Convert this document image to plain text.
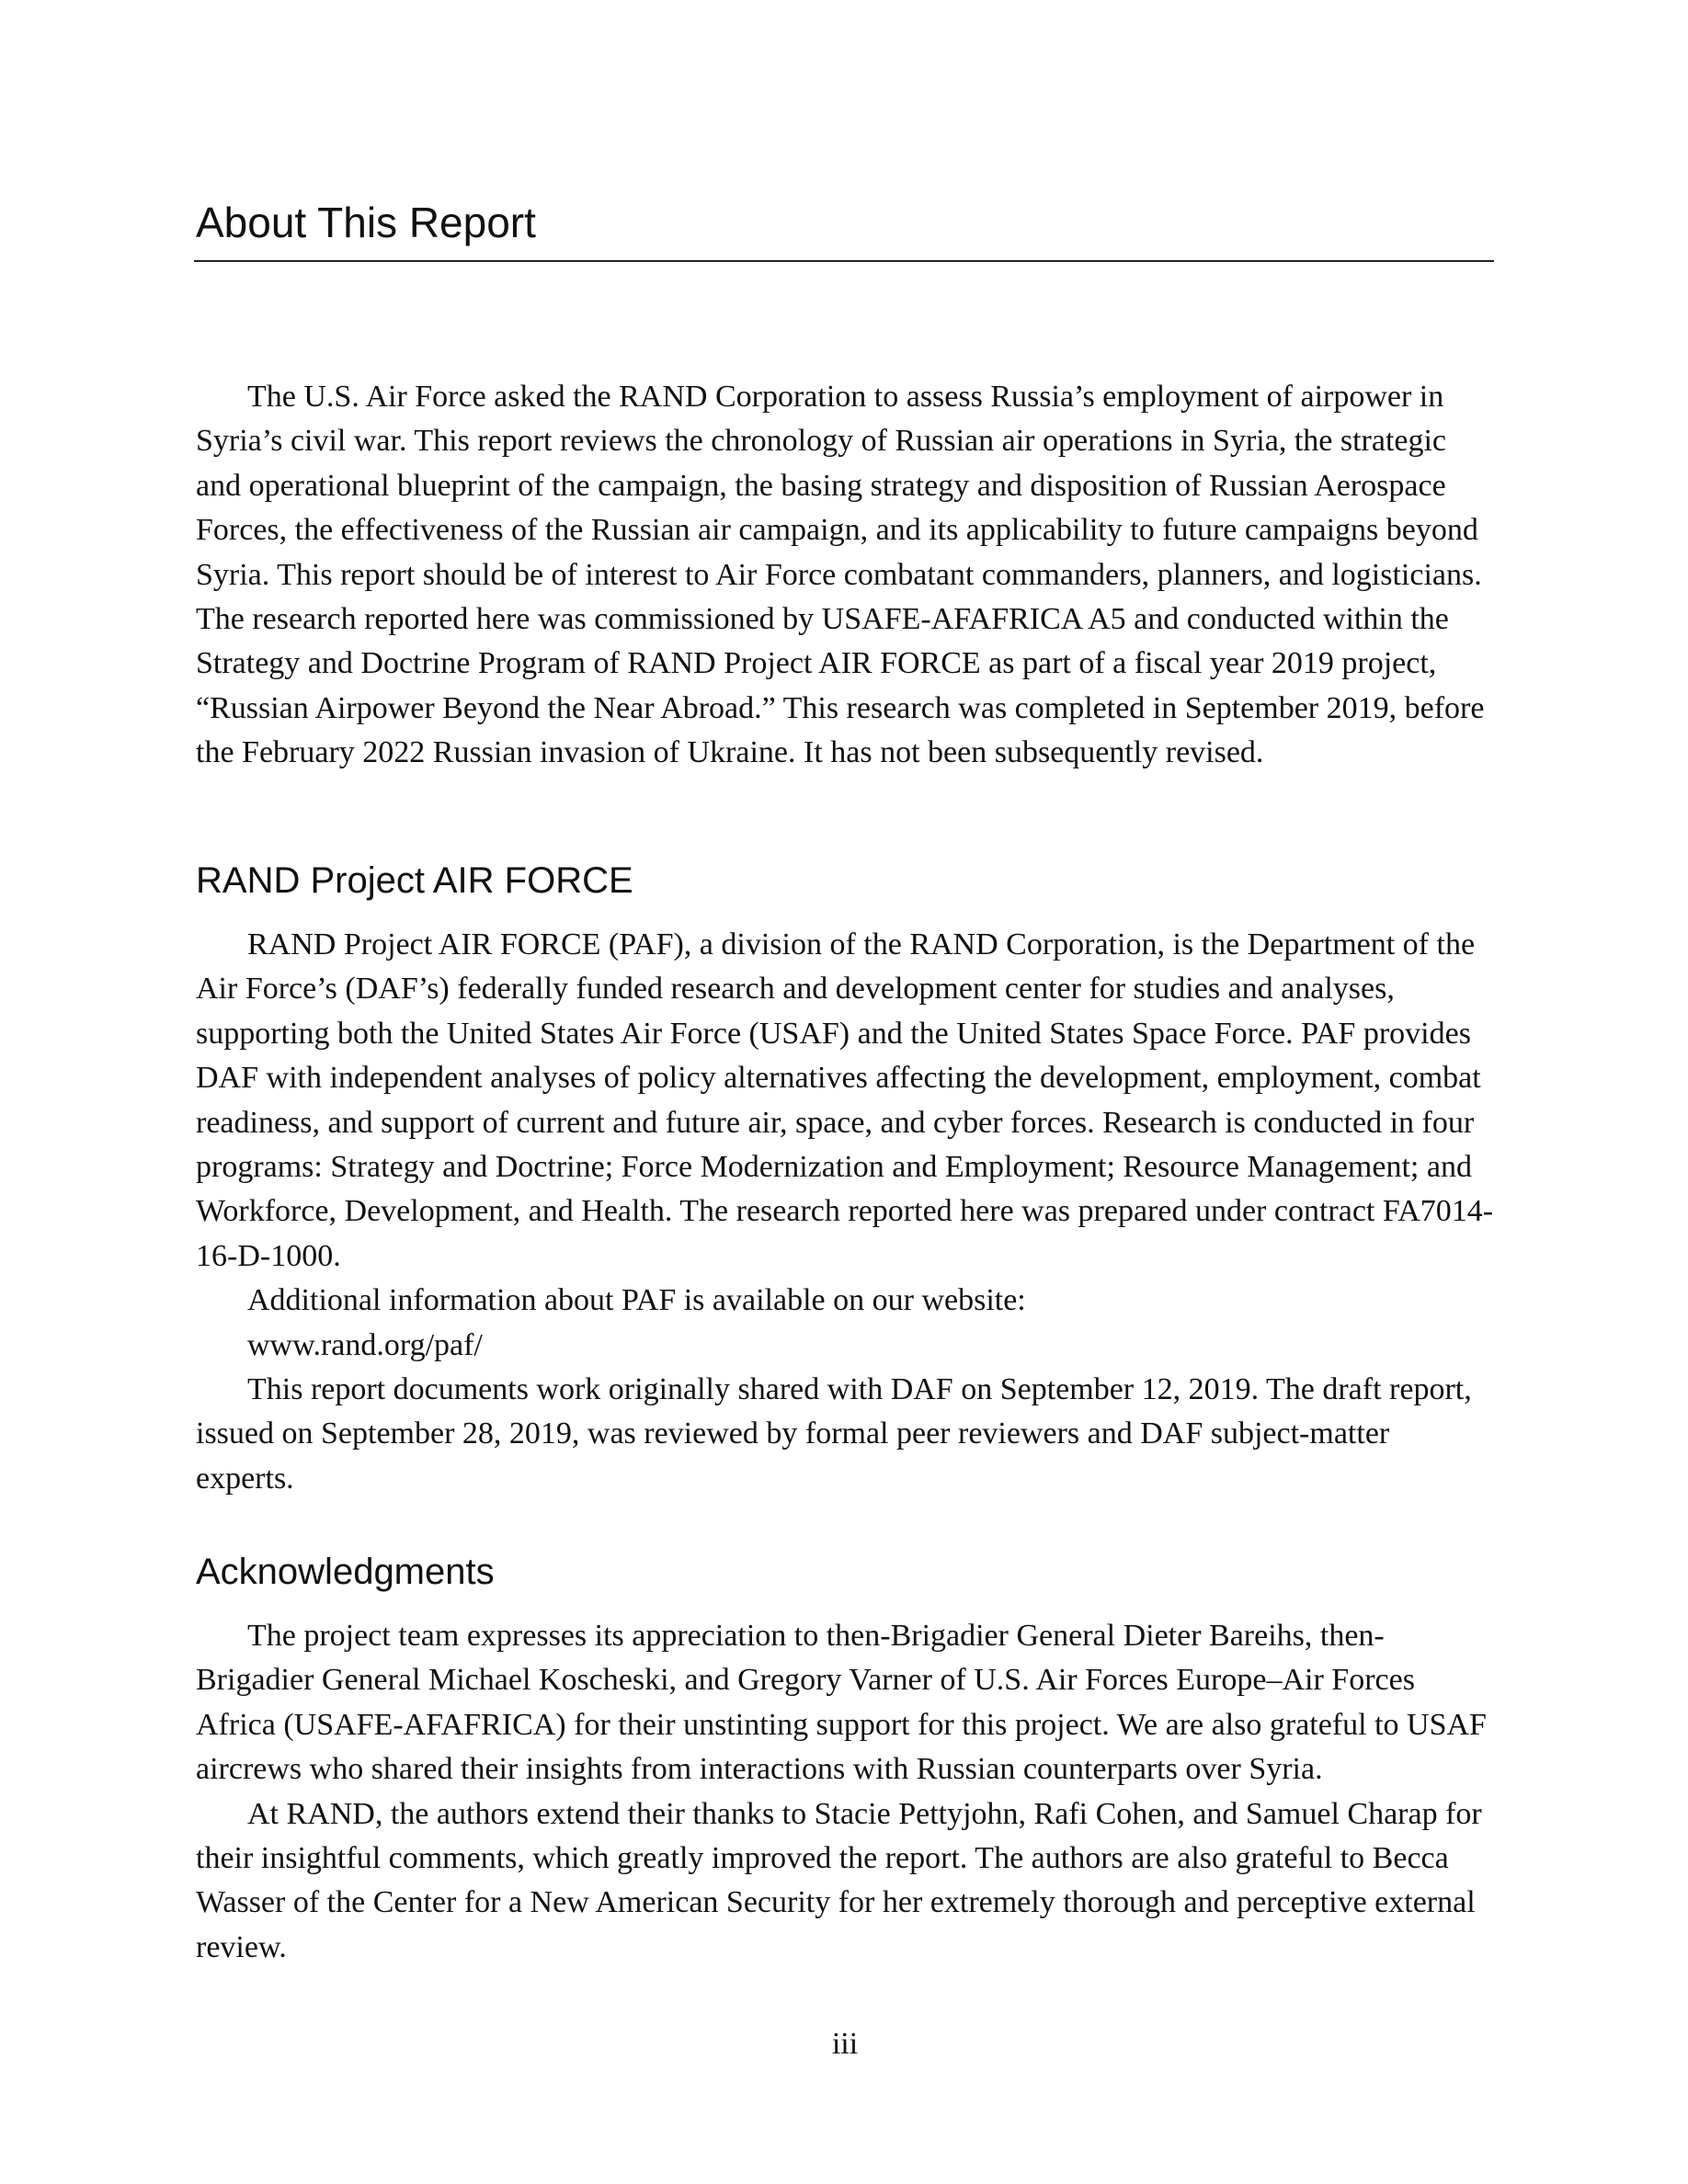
About This Report

The U.S. Air Force asked the RAND Corporation to assess Russia’s employment of airpower in Syria’s civil war. This report reviews the chronology of Russian air operations in Syria, the strategic and operational blueprint of the campaign, the basing strategy and disposition of Russian Aerospace Forces, the effectiveness of the Russian air campaign, and its applicability to future campaigns beyond Syria. This report should be of interest to Air Force combatant commanders, planners, and logisticians. The research reported here was commissioned by USAFE-AFAFRICA A5 and conducted within the Strategy and Doctrine Program of RAND Project AIR FORCE as part of a fiscal year 2019 project, “Russian Airpower Beyond the Near Abroad.” This research was completed in September 2019, before the February 2022 Russian invasion of Ukraine. It has not been subsequently revised.

RAND Project AIR FORCE

RAND Project AIR FORCE (PAF), a division of the RAND Corporation, is the Department of the Air Force’s (DAF’s) federally funded research and development center for studies and analyses, supporting both the United States Air Force (USAF) and the United States Space Force. PAF provides DAF with independent analyses of policy alternatives affecting the development, employment, combat readiness, and support of current and future air, space, and cyber forces. Research is conducted in four programs: Strategy and Doctrine; Force Modernization and Employment; Resource Management; and Workforce, Development, and Health. The research reported here was prepared under contract FA7014-16-D-1000.

Additional information about PAF is available on our website:

www.rand.org/paf/

This report documents work originally shared with DAF on September 12, 2019. The draft report, issued on September 28, 2019, was reviewed by formal peer reviewers and DAF subject-matter experts.

Acknowledgments

The project team expresses its appreciation to then-Brigadier General Dieter Bareihs, then-Brigadier General Michael Koscheski, and Gregory Varner of U.S. Air Forces Europe–Air Forces Africa (USAFE-AFAFRICA) for their unstinting support for this project. We are also grateful to USAF aircrews who shared their insights from interactions with Russian counterparts over Syria.

At RAND, the authors extend their thanks to Stacie Pettyjohn, Rafi Cohen, and Samuel Charap for their insightful comments, which greatly improved the report. The authors are also grateful to Becca Wasser of the Center for a New American Security for her extremely thorough and perceptive external review.

iii
